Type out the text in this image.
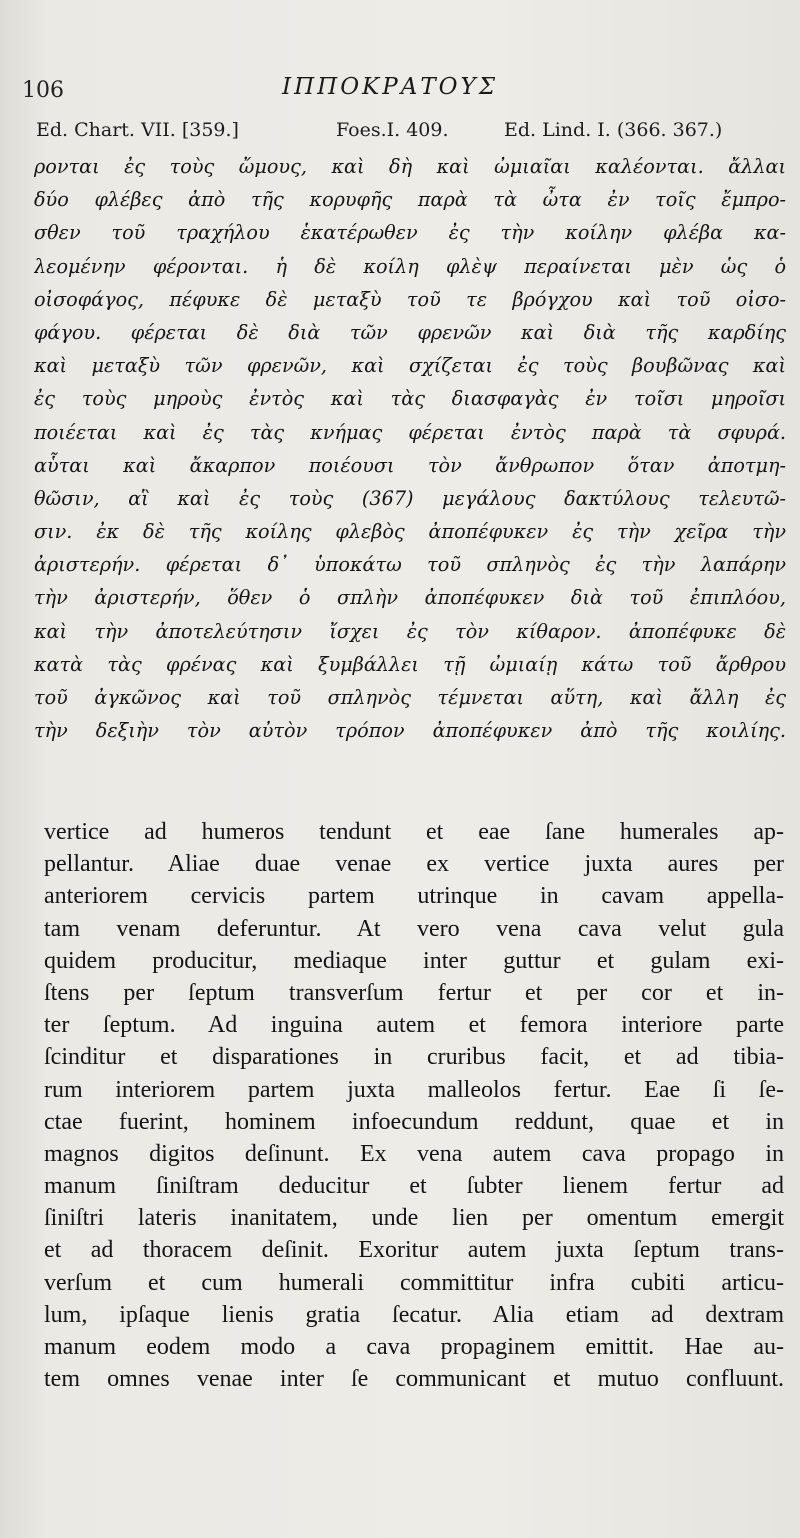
106	ΙΠΠΟΚΡΑΤΟΥΣ
Ed. Chart. VII. [359.]	Foes.I. 409.	Ed. Lind. I. (366. 367.)
ρονται ἐς τοὺς ὤμους, καὶ δὴ καὶ ὠμιαῖαι καλέονται. ἄλλαι
δύο φλέβες ἀπὸ τῆς κορυφῆς παρὰ τὰ ὦτα ἐν τοῖς ἔμπρο-
σθεν τοῦ τραχήλου ἑκατέρωθεν ἐς τὴν κοίλην φλέβα κα-
λεομένην φέρονται. ἡ δὲ κοίλη φλὲψ περαίνεται μὲν ὡς ὁ
οἰσοφάγος, πέφυκε δὲ μεταξὺ τοῦ τε βρόγχου καὶ τοῦ οἰσο-
φάγου. φέρεται δὲ διὰ τῶν φρενῶν καὶ διὰ τῆς καρδίης
καὶ μεταξὺ τῶν φρενῶν, καὶ σχίζεται ἐς τοὺς βουβῶνας καὶ
ἐς τοὺς μηροὺς ἐντὸς καὶ τὰς διασφαγὰς ἐν τοῖσι μηροῖσι
ποιέεται καὶ ἐς τὰς κνήμας φέρεται ἐντὸς παρὰ τὰ σφυρά.
αὗται καὶ ἄκαρπον ποιέουσι τὸν ἄνθρωπον ὅταν ἀποτμη-
θῶσιν, αἳ καὶ ἐς τοὺς (367) μεγάλους δακτύλους τελευτῶ-
σιν. ἐκ δὲ τῆς κοίλης φλεβὸς ἀποπέφυκεν ἐς τὴν χεῖρα τὴν
ἀριστερήν. φέρεται δ᾽ ὑποκάτω τοῦ σπληνὸς ἐς τὴν λαπάρην
τὴν ἀριστερήν, ὅθεν ὁ σπλὴν ἀποπέφυκεν διὰ τοῦ ἐπιπλόου,
καὶ τὴν ἀποτελεύτησιν ἴσχει ἐς τὸν κίθαρον. ἀποπέφυκε δὲ
κατὰ τὰς φρένας καὶ ξυμβάλλει τῇ ὠμιαίῃ κάτω τοῦ ἄρθρου
τοῦ ἀγκῶνος καὶ τοῦ σπληνὸς τέμνεται αὕτη, καὶ ἄλλη ἐς
τὴν δεξιὴν τὸν αὐτὸν τρόπον ἀποπέφυκεν ἀπὸ τῆς κοιλίης.
vertice ad humeros tendunt et eae ſane humerales ap-
pellantur. Aliae duae venae ex vertice juxta aures per
anteriorem cervicis partem utrinque in cavam appella-
tam venam deferuntur. At vero vena cava velut gula
quidem producitur, mediaque inter guttur et gulam exi-
ſtens per ſeptum transverſum fertur et per cor et in-
ter ſeptum. Ad inguina autem et femora interiore parte
ſcinditur et disparationes in cruribus facit, et ad tibia-
rum interiorem partem juxta malleolos fertur. Eae ſi ſe-
ctae fuerint, hominem infoecundum reddunt, quae et in
magnos digitos deſinunt. Ex vena autem cava propago in
manum ſiniſtram deducitur et ſubter lienem fertur ad
ſiniſtri lateris inanitatem, unde lien per omentum emergit
et ad thoracem deſinit. Exoritur autem juxta ſeptum trans-
verſum et cum humerali committitur infra cubiti articu-
lum, ipſaque lienis gratia ſecatur. Alia etiam ad dextram
manum eodem modo a cava propaginem emittit. Hae au-
tem omnes venae inter ſe communicant et mutuo confluunt.
